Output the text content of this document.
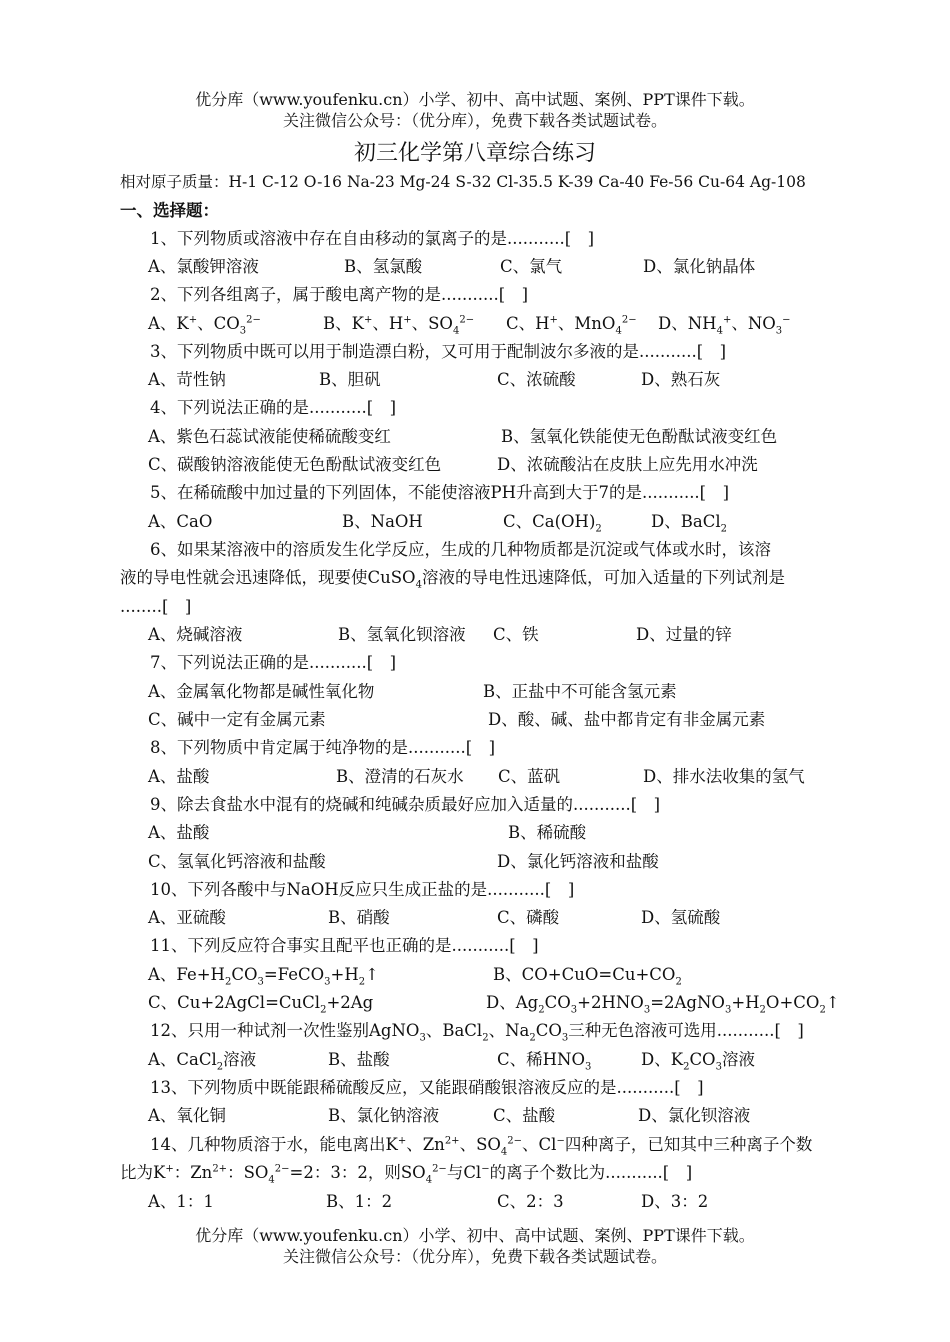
优分库（www.youfenku.cn）小学、初中、高中试题、案例、PPT课件下载。
关注微信公众号：（优分库），免费下载各类试题试卷。
初三化学第八章综合练习
相对原子质量：H-1 C-12 O-16 Na-23 Mg-24 S-32 Cl-35.5 K-39 Ca-40 Fe-56 Cu-64 Ag-108
一、选择题：
1、下列物质或溶液中存在自由移动的氯离子的是...........[　]
A、氯酸钾溶液	B、氢氯酸	C、氯气	D、氯化钠晶体
2、下列各组离子，属于酸电离产物的是...........[　]
A、K+、$CO_3^{2-}$	B、K+、H+、$SO_4^{2-}$ C、H+、MnO$_4^{2-}$ D、$NH_4^+$、$NO_3^-$
3、下列物质中既可以用于制造漂白粉，又可用于配制波尔多液的是...........[　]
A、苛性钠	B、胆矾	C、浓硫酸	D、熟石灰
4、下列说法正确的是...........[　]
A、紫色石蕊试液能使稀硫酸变红	B、氢氧化铁能使无色酚酞试液变红色
C、碳酸钠溶液能使无色酚酞试液变红色	D、浓硫酸沾在皮肤上应先用水冲洗
5、在稀硫酸中加过量的下列固体，不能使溶液PH升高到大于7的是...........[　]
A、CaO	B、NaOH	C、$Ca(OH)_2$	D、BaCl$_2$
6、如果某溶液中的溶质发生化学反应，生成的几种物质都是沉淀或气体或水时，该溶
液的导电性就会迅速降低，现要使CuSO$_4$溶液的导电性迅速降低，可加入适量的下列试剂是
........[　]
A、烧碱溶液	B、氢氧化钡溶液 C、铁	D、过量的锌
7、下列说法正确的是...........[　]
A、金属氧化物都是碱性氧化物	B、正盐中不可能含氢元素
C、碱中一定有金属元素	D、酸、碱、盐中都肯定有非金属元素
8、下列物质中肯定属于纯净物的是...........[　]
A、盐酸	B、澄清的石灰水 C、蓝矾	D、排水法收集的氢气
9、除去食盐水中混有的烧碱和纯碱杂质最好应加入适量的...........[　]
A、盐酸	B、稀硫酸
C、氢氧化钙溶液和盐酸	D、氯化钙溶液和盐酸
10、下列各酸中与NaOH反应只生成正盐的是...........[　]
A、亚硫酸	B、硝酸	C、磷酸	D、氢硫酸
11、下列反应符合事实且配平也正确的是...........[　]
A、$Fe+H_2CO_3=FeCO_3+H_2↑$	B、$CO+CuO=Cu+CO_2$
C、Cu+2AgCl=CuCl$_2$+2Ag	D、$Ag_2CO_3+2HNO_3=2AgNO_3+H_2O+CO_2↑$
12、只用一种试剂一次性鉴别AgNO$_3$、BaCl$_2$、$Na_2CO_3$三种无色溶液可选用...........[　]
A、CaCl$_2$溶液	B、盐酸	C、稀$HNO_3$	D、$K_2CO_3$溶液
13、下列物质中既能跟稀硫酸反应，又能跟硝酸银溶液反应的是...........[　]
A、氧化铜	B、氯化钠溶液	C、盐酸	D、氯化钡溶液
14、几种物质溶于水，能电离出K+、$Zn^{2+}$、$SO_4^{2-}$、Cl−四种离子，已知其中三种离子个数
比为K+：$Zn^{2+}$：$SO_4^{2-}=2$：3：2，则$SO_4^{2-}$与Cl−的离子个数比为...........[　]
A、1：1	B、1：2	C、2：3	D、3：2
优分库（www.youfenku.cn）小学、初中、高中试题、案例、PPT课件下载。
关注微信公众号：（优分库），免费下载各类试题试卷。
